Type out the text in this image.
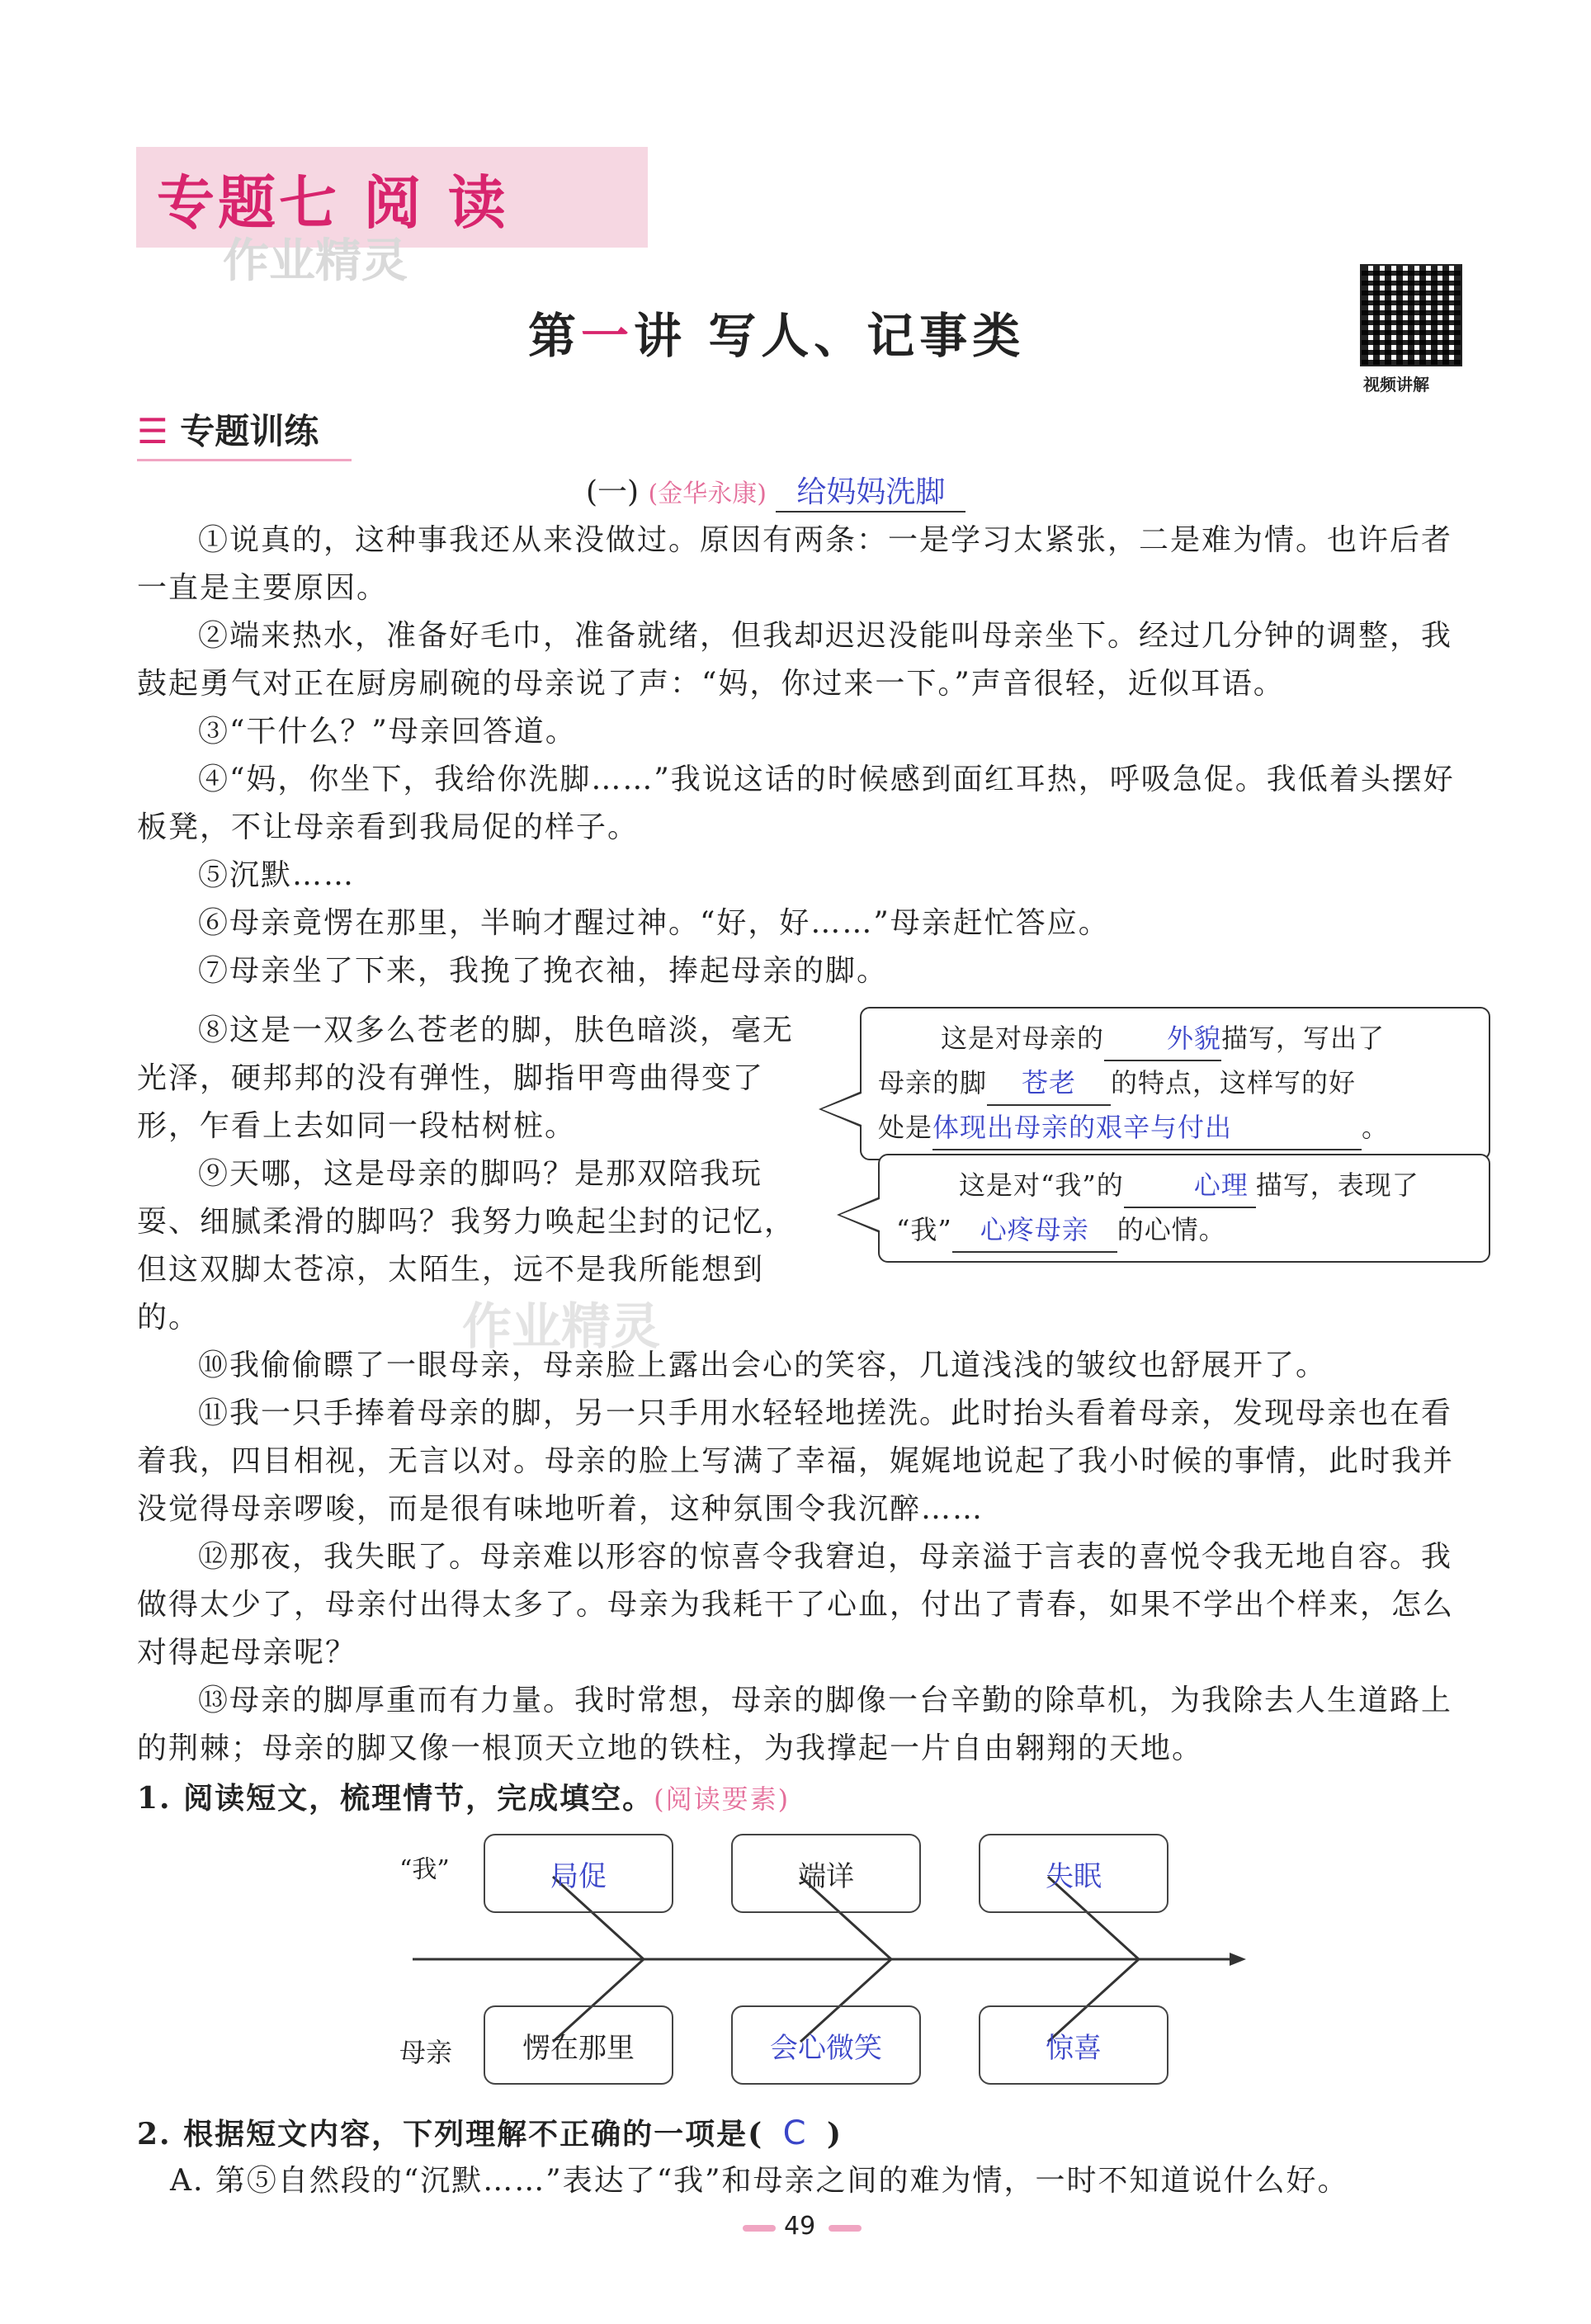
专题七 阅 读
作业精灵
第一讲 写人、记事类
视频讲解
☰ 专题训练
(一) (金华永康) 给妈妈洗脚

①说真的，这种事我还从来没做过。原因有两条：一是学习太紧张，二是难为情。也许后者一直是主要原因。

②端来热水，准备好毛巾，准备就绪，但我却迟迟没能叫母亲坐下。经过几分钟的调整，我鼓起勇气对正在厨房刷碗的母亲说了声：“妈，你过来一下。”声音很轻，近似耳语。

③“干什么？”母亲回答道。

④“妈，你坐下，我给你洗脚……”我说这话的时候感到面红耳热，呼吸急促。我低着头摆好板凳，不让母亲看到我局促的样子。

⑤沉默……

⑥母亲竟愣在那里，半晌才醒过神。“好，好……”母亲赶忙答应。

⑦母亲坐了下来，我挽了挽衣袖，捧起母亲的脚。

⑧这是一双多么苍老的脚，肤色暗淡，毫无光泽，硬邦邦的没有弹性，脚指甲弯曲得变了形，乍看上去如同一段枯树桩。

⑨天哪，这是母亲的脚吗？是那双陪我玩耍、细腻柔滑的脚吗？我努力唤起尘封的记忆，但这双脚太苍凉，太陌生，远不是我所能想到的。

这是对母亲的 外貌描写，写出了
母亲的脚 苍老 的特点，这样写的好
处是体现出母亲的艰辛与付出	。
这是对“我”的	心理 描写，表现了
“我” 心疼母亲 的心情。
作业精灵

⑩我偷偷瞟了一眼母亲，母亲脸上露出会心的笑容，几道浅浅的皱纹也舒展开了。

⑪我一只手捧着母亲的脚，另一只手用水轻轻地搓洗。此时抬头看着母亲，发现母亲也在看着我，四目相视，无言以对。母亲的脸上写满了幸福，娓娓地说起了我小时候的事情，此时我并没觉得母亲啰唆，而是很有味地听着，这种氛围令我沉醉……

⑫那夜，我失眠了。母亲难以形容的惊喜令我窘迫，母亲溢于言表的喜悦令我无地自容。我做得太少了，母亲付出得太多了。母亲为我耗干了心血，付出了青春，如果不学出个样来，怎么对得起母亲呢？

⑬母亲的脚厚重而有力量。我时常想，母亲的脚像一台辛勤的除草机，为我除去人生道路上的荆棘；母亲的脚又像一根顶天立地的铁柱，为我撑起一片自由翱翔的天地。

1. 阅读短文，梳理情节，完成填空。(阅读要素)
“我”
母亲
局促	端详	失眠
愣在那里	会心微笑	惊喜
2. 根据短文内容，下列理解不正确的一项是( C )
A. 第⑤自然段的“沉默……”表达了“我”和母亲之间的难为情，一时不知道说什么好。
49
